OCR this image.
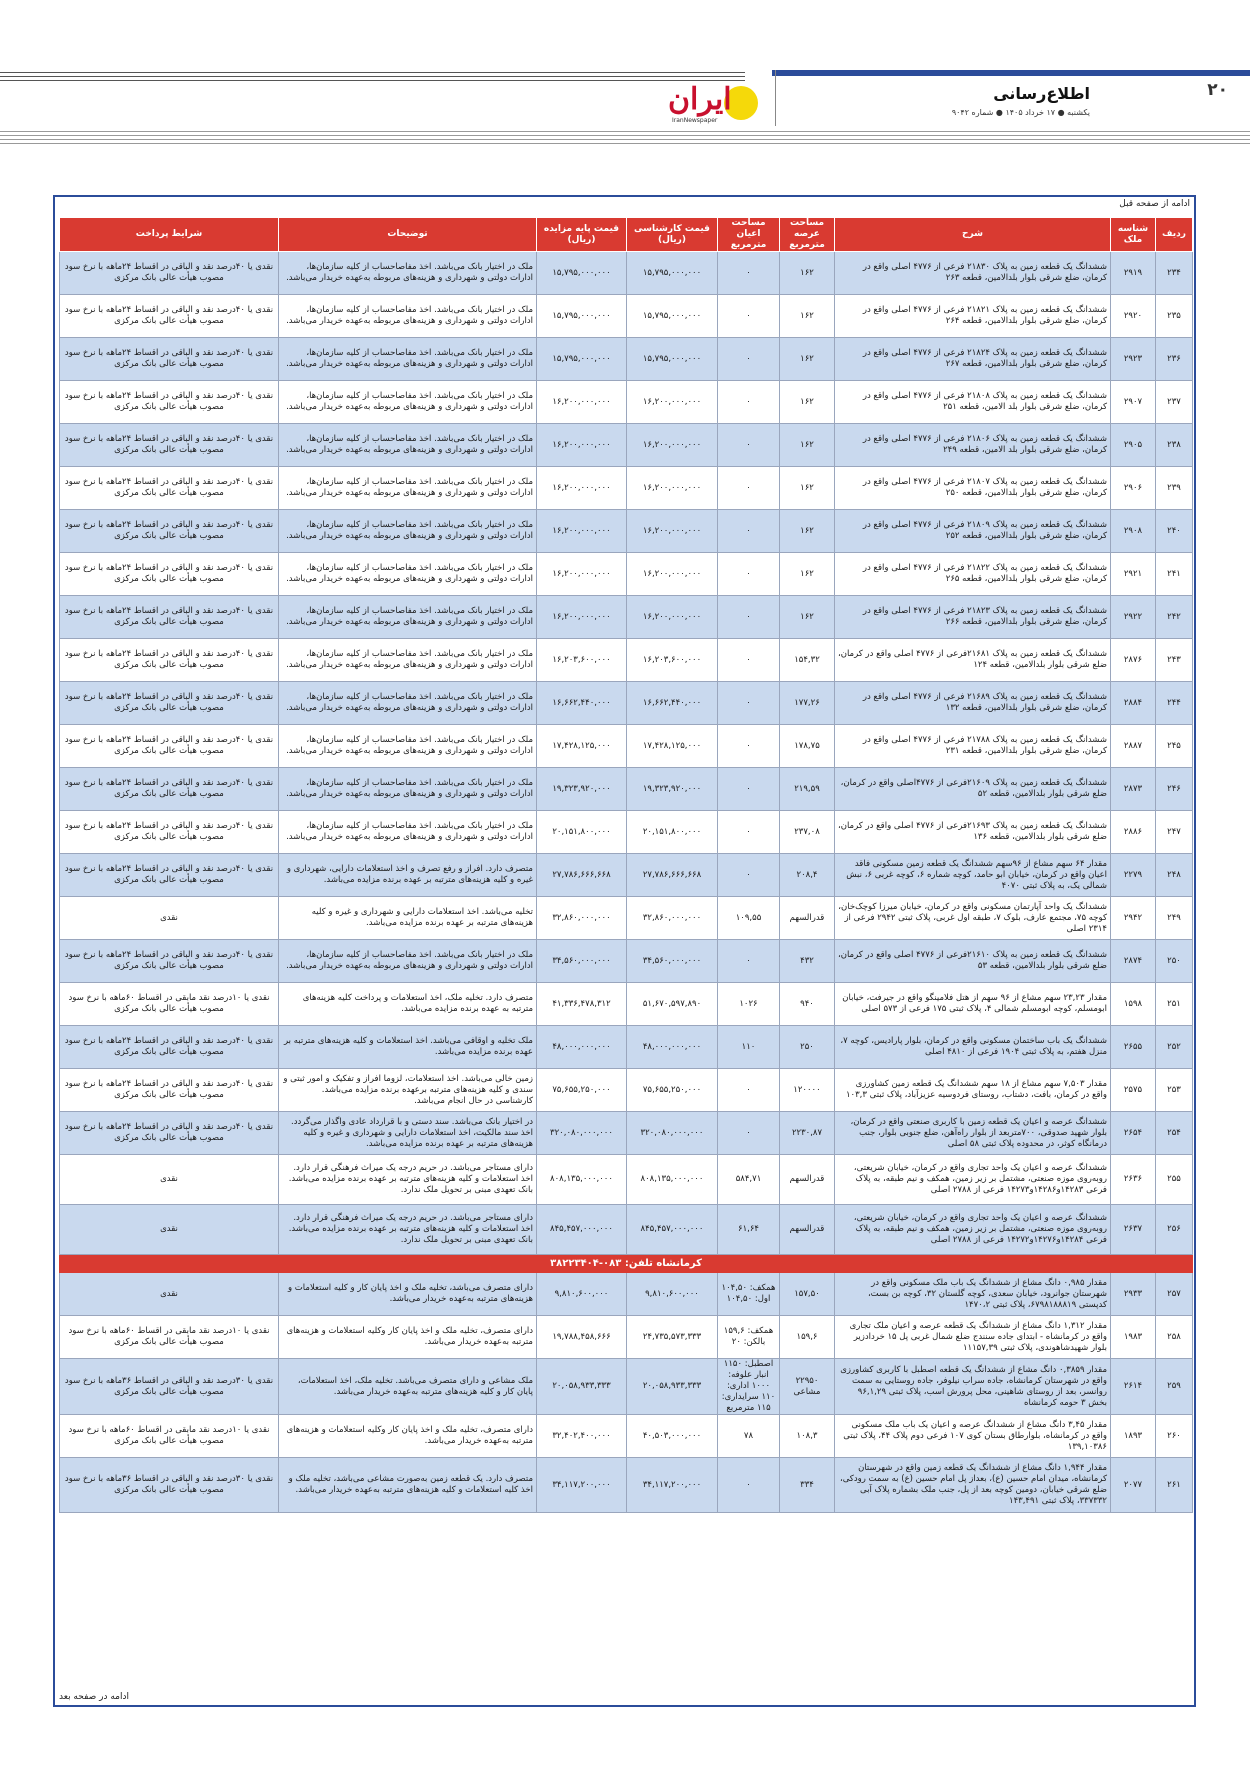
۲۰
اطلاع‌رسانی
یکشنبه ● ۱۷ خرداد ۱۴۰۵ ● شماره ۹۰۴۲
ایران
IranNewspaper
ادامه از صفحه قبل
ردیف	شناسه ملک	شرح	مساحت عرصه مترمربع	مساحت اعیان مترمربع	قیمت کارشناسی (ریال)	قیمت پایه مزایده (ریال)	توضیحات	شرایط پرداخت
۲۳۴	۲۹۱۹	ششدانگ یک قطعه زمین به پلاک ۲۱۸۳۰ فرعی از ۴۷۷۶ اصلی واقع در کرمان، ضلع شرقی بلوار بلدالامین، قطعه ۲۶۳	۱۶۲	۰	۱۵,۷۹۵,۰۰۰,۰۰۰	۱۵,۷۹۵,۰۰۰,۰۰۰	ملک در اختیار بانک می‌باشد. اخذ مفاصاحساب از کلیه سازمان‌ها، ادارات دولتی و شهرداری و هزینه‌های مربوطه به‌عهده خریدار می‌باشد.	نقدی یا ۴۰درصد نقد و الباقی در اقساط ۲۴ماهه با نرخ سود مصوب هیأت عالی بانک مرکزی
۲۳۵	۲۹۲۰	ششدانگ یک قطعه زمین به پلاک ۲۱۸۲۱ فرعی از ۴۷۷۶ اصلی واقع در کرمان، ضلع شرقی بلوار بلدالامین، قطعه ۲۶۴	۱۶۲	۰	۱۵,۷۹۵,۰۰۰,۰۰۰	۱۵,۷۹۵,۰۰۰,۰۰۰	ملک در اختیار بانک می‌باشد. اخذ مفاصاحساب از کلیه سازمان‌ها، ادارات دولتی و شهرداری و هزینه‌های مربوطه به‌عهده خریدار می‌باشد.	نقدی یا ۴۰درصد نقد و الباقی در اقساط ۲۴ماهه با نرخ سود مصوب هیأت عالی بانک مرکزی
۲۳۶	۲۹۲۳	ششدانگ یک قطعه زمین به پلاک ۲۱۸۲۴ فرعی از ۴۷۷۶ اصلی واقع در کرمان، ضلع شرقی بلوار بلدالامین، قطعه ۲۶۷	۱۶۲	۰	۱۵,۷۹۵,۰۰۰,۰۰۰	۱۵,۷۹۵,۰۰۰,۰۰۰	ملک در اختیار بانک می‌باشد. اخذ مفاصاحساب از کلیه سازمان‌ها، ادارات دولتی و شهرداری و هزینه‌های مربوطه به‌عهده خریدار می‌باشد.	نقدی یا ۴۰درصد نقد و الباقی در اقساط ۲۴ماهه با نرخ سود مصوب هیأت عالی بانک مرکزی
۲۳۷	۲۹۰۷	ششدانگ یک قطعه زمین به پلاک ۲۱۸۰۸ فرعی از ۴۷۷۶ اصلی واقع در کرمان، ضلع شرقی بلوار بلد الامین، قطعه ۲۵۱	۱۶۲	۰	۱۶,۲۰۰,۰۰۰,۰۰۰	۱۶,۲۰۰,۰۰۰,۰۰۰	ملک در اختیار بانک می‌باشد. اخذ مفاصاحساب از کلیه سازمان‌ها، ادارات دولتی و شهرداری و هزینه‌های مربوطه به‌عهده خریدار می‌باشد.	نقدی یا ۴۰درصد نقد و الباقی در اقساط ۲۴ماهه با نرخ سود مصوب هیأت عالی بانک مرکزی
۲۳۸	۲۹۰۵	ششدانگ یک قطعه زمین به پلاک ۲۱۸۰۶ فرعی از ۴۷۷۶ اصلی واقع در کرمان، ضلع شرقی بلوار بلد الامین، قطعه ۲۴۹	۱۶۲	۰	۱۶,۲۰۰,۰۰۰,۰۰۰	۱۶,۲۰۰,۰۰۰,۰۰۰	ملک در اختیار بانک می‌باشد. اخذ مفاصاحساب از کلیه سازمان‌ها، ادارات دولتی و شهرداری و هزینه‌های مربوطه به‌عهده خریدار می‌باشد.	نقدی یا ۴۰درصد نقد و الباقی در اقساط ۲۴ماهه با نرخ سود مصوب هیأت عالی بانک مرکزی
۲۳۹	۲۹۰۶	ششدانگ یک قطعه زمین به پلاک ۲۱۸۰۷ فرعی از ۴۷۷۶ اصلی واقع در کرمان، ضلع شرقی بلوار بلدالامین، قطعه ۲۵۰	۱۶۲	۰	۱۶,۲۰۰,۰۰۰,۰۰۰	۱۶,۲۰۰,۰۰۰,۰۰۰	ملک در اختیار بانک می‌باشد. اخذ مفاصاحساب از کلیه سازمان‌ها، ادارات دولتی و شهرداری و هزینه‌های مربوطه به‌عهده خریدار می‌باشد.	نقدی یا ۴۰درصد نقد و الباقی در اقساط ۲۴ماهه با نرخ سود مصوب هیأت عالی بانک مرکزی
۲۴۰	۲۹۰۸	ششدانگ یک قطعه زمین به پلاک ۲۱۸۰۹ فرعی از ۴۷۷۶ اصلی واقع در کرمان، ضلع شرقی بلوار بلدالامین، قطعه ۲۵۲	۱۶۲	۰	۱۶,۲۰۰,۰۰۰,۰۰۰	۱۶,۲۰۰,۰۰۰,۰۰۰	ملک در اختیار بانک می‌باشد. اخذ مفاصاحساب از کلیه سازمان‌ها، ادارات دولتی و شهرداری و هزینه‌های مربوطه به‌عهده خریدار می‌باشد.	نقدی یا ۴۰درصد نقد و الباقی در اقساط ۲۴ماهه با نرخ سود مصوب هیأت عالی بانک مرکزی
۲۴۱	۲۹۲۱	ششدانگ یک قطعه زمین به پلاک ۲۱۸۲۲ فرعی از ۴۷۷۶ اصلی واقع در کرمان، ضلع شرقی بلوار بلدالامین، قطعه ۲۶۵	۱۶۲	۰	۱۶,۲۰۰,۰۰۰,۰۰۰	۱۶,۲۰۰,۰۰۰,۰۰۰	ملک در اختیار بانک می‌باشد. اخذ مفاصاحساب از کلیه سازمان‌ها، ادارات دولتی و شهرداری و هزینه‌های مربوطه به‌عهده خریدار می‌باشد.	نقدی یا ۴۰درصد نقد و الباقی در اقساط ۲۴ماهه با نرخ سود مصوب هیأت عالی بانک مرکزی
۲۴۲	۲۹۲۲	ششدانگ یک قطعه زمین به پلاک ۲۱۸۲۳ فرعی از ۴۷۷۶ اصلی واقع در کرمان، ضلع شرقی بلوار بلدالامین، قطعه ۲۶۶	۱۶۲	۰	۱۶,۲۰۰,۰۰۰,۰۰۰	۱۶,۲۰۰,۰۰۰,۰۰۰	ملک در اختیار بانک می‌باشد. اخذ مفاصاحساب از کلیه سازمان‌ها، ادارات دولتی و شهرداری و هزینه‌های مربوطه به‌عهده خریدار می‌باشد.	نقدی یا ۴۰درصد نقد و الباقی در اقساط ۲۴ماهه با نرخ سود مصوب هیأت عالی بانک مرکزی
۲۴۳	۲۸۷۶	ششدانگ یک قطعه زمین به پلاک ۲۱۶۸۱فرعی از ۴۷۷۶ اصلی واقع در کرمان، ضلع شرقی بلوار بلدالامین، قطعه ۱۲۴	۱۵۴,۳۲	۰	۱۶,۲۰۳,۶۰۰,۰۰۰	۱۶,۲۰۳,۶۰۰,۰۰۰	ملک در اختیار بانک می‌باشد. اخذ مفاصاحساب از کلیه سازمان‌ها، ادارات دولتی و شهرداری و هزینه‌های مربوطه به‌عهده خریدار می‌باشد.	نقدی یا ۴۰درصد نقد و الباقی در اقساط ۲۴ماهه با نرخ سود مصوب هیأت عالی بانک مرکزی
۲۴۴	۲۸۸۴	ششدانگ یک قطعه زمین به پلاک ۲۱۶۸۹ فرعی از ۴۷۷۶ اصلی واقع در کرمان، ضلع شرقی بلوار بلدالامین، قطعه ۱۳۲	۱۷۷,۲۶	۰	۱۶,۶۶۲,۴۴۰,۰۰۰	۱۶,۶۶۲,۴۴۰,۰۰۰	ملک در اختیار بانک می‌باشد. اخذ مفاصاحساب از کلیه سازمان‌ها، ادارات دولتی و شهرداری و هزینه‌های مربوطه به‌عهده خریدار می‌باشد.	نقدی یا ۴۰درصد نقد و الباقی در اقساط ۲۴ماهه با نرخ سود مصوب هیأت عالی بانک مرکزی
۲۴۵	۲۸۸۷	ششدانگ یک قطعه زمین به پلاک ۲۱۷۸۸ فرعی از ۴۷۷۶ اصلی واقع در کرمان، ضلع شرقی بلوار بلدالامین، قطعه ۲۳۱	۱۷۸,۷۵	۰	۱۷,۴۲۸,۱۲۵,۰۰۰	۱۷,۴۲۸,۱۲۵,۰۰۰	ملک در اختیار بانک می‌باشد. اخذ مفاصاحساب از کلیه سازمان‌ها، ادارات دولتی و شهرداری و هزینه‌های مربوطه به‌عهده خریدار می‌باشد.	نقدی یا ۴۰درصد نقد و الباقی در اقساط ۲۴ماهه با نرخ سود مصوب هیأت عالی بانک مرکزی
۲۴۶	۲۸۷۳	ششدانگ یک قطعه زمین به پلاک ۲۱۶۰۹فرعی از ۴۷۷۶اصلی واقع در کرمان، ضلع شرقی بلوار بلدالامین، قطعه ۵۲	۲۱۹,۵۹	۰	۱۹,۳۲۳,۹۲۰,۰۰۰	۱۹,۳۲۳,۹۲۰,۰۰۰	ملک در اختیار بانک می‌باشد. اخذ مفاصاحساب از کلیه سازمان‌ها، ادارات دولتی و شهرداری و هزینه‌های مربوطه به‌عهده خریدار می‌باشد.	نقدی یا ۴۰درصد نقد و الباقی در اقساط ۲۴ماهه با نرخ سود مصوب هیأت عالی بانک مرکزی
۲۴۷	۲۸۸۶	ششدانگ یک قطعه زمین به پلاک ۲۱۶۹۳فرعی از ۴۷۷۶ اصلی واقع در کرمان، ضلع شرقی بلوار بلدالامین، قطعه ۱۳۶	۲۳۷,۰۸	۰	۲۰,۱۵۱,۸۰۰,۰۰۰	۲۰,۱۵۱,۸۰۰,۰۰۰	ملک در اختیار بانک می‌باشد. اخذ مفاصاحساب از کلیه سازمان‌ها، ادارات دولتی و شهرداری و هزینه‌های مربوطه به‌عهده خریدار می‌باشد.	نقدی یا ۴۰درصد نقد و الباقی در اقساط ۲۴ماهه با نرخ سود مصوب هیأت عالی بانک مرکزی
۲۴۸	۲۲۷۹	مقدار ۶۴ سهم مشاع از ۹۶سهم ششدانگ یک قطعه زمین مسکونی فاقد اعیان واقع در کرمان، خیابان ابو حامد، کوچه شماره ۶، کوچه غربی ۶، نبش شمالی یک، به پلاک ثبتی ۴۰۷۰	۲۰۸,۴	۰	۲۷,۷۸۶,۶۶۶,۶۶۸	۲۷,۷۸۶,۶۶۶,۶۶۸	متصرف دارد. افراز و رفع تصرف و اخذ استعلامات دارایی، شهرداری و غیره و کلیه هزینه‌های مترتبه بر عهده برنده مزایده می‌باشد.	نقدی یا ۴۰درصد نقد و الباقی در اقساط ۲۴ماهه با نرخ سود مصوب هیأت عالی بانک مرکزی
۲۴۹	۲۹۴۲	ششدانگ یک واحد آپارتمان مسکونی واقع در کرمان، خیابان میرزا کوچک‌خان، کوچه ۷۵، مجتمع عارف، بلوک ۷، طبقه اول غربی، پلاک ثبتی ۲۹۴۲ فرعی از ۲۳۱۴ اصلی	قدرالسهم	۱۰۹,۵۵	۳۲,۸۶۰,۰۰۰,۰۰۰	۳۲,۸۶۰,۰۰۰,۰۰۰	تخلیه می‌باشد. اخذ استعلامات دارایی و شهرداری و غیره و کلیه هزینه‌های مترتبه بر عهده برنده مزایده می‌باشد.	نقدی
۲۵۰	۲۸۷۴	ششدانگ یک قطعه زمین به پلاک ۲۱۶۱۰فرعی از ۴۷۷۶ اصلی واقع در کرمان، ضلع شرقی بلوار بلدالامین، قطعه ۵۳	۴۳۲	۰	۳۴,۵۶۰,۰۰۰,۰۰۰	۳۴,۵۶۰,۰۰۰,۰۰۰	ملک در اختیار بانک می‌باشد. اخذ مفاصاحساب از کلیه سازمان‌ها، ادارات دولتی و شهرداری و هزینه‌های مربوطه به‌عهده خریدار می‌باشد.	نقدی یا ۴۰درصد نقد و الباقی در اقساط ۲۴ماهه با نرخ سود مصوب هیأت عالی بانک مرکزی
۲۵۱	۱۵۹۸	مقدار ۲۳,۲۳ سهم مشاع از ۹۶ سهم از هتل فلامینگو واقع در جیرفت، خیابان ابومسلم، کوچه ابومسلم شمالی ۴، پلاک ثبتی ۱۷۵ فرعی از ۵۷۳ اصلی	۹۴۰	۱۰۲۶	۵۱,۶۷۰,۵۹۷,۸۹۰	۴۱,۳۳۶,۴۷۸,۳۱۲	متصرف دارد. تخلیه ملک، اخذ استعلامات و پرداخت کلیه هزینه‌های مترتبه به عهده برنده مزایده می‌باشد.	نقدی یا ۱۰درصد نقد مابقی در اقساط ۶۰ماهه با نرخ سود مصوب هیأت عالی بانک مرکزی
۲۵۲	۲۶۵۵	ششدانگ یک باب ساختمان مسکونی واقع در کرمان، بلوار پارادیس، کوچه ۷، منزل هفتم، به پلاک ثبتی ۱۹۰۴ فرعی از ۴۸۱۰ اصلی	۲۵۰	۱۱۰	۴۸,۰۰۰,۰۰۰,۰۰۰	۴۸,۰۰۰,۰۰۰,۰۰۰	ملک تخلیه و اوقافی می‌باشد. اخذ استعلامات و کلیه هزینه‌های مترتبه بر عهده برنده مزایده می‌باشد.	نقدی یا ۴۰درصد نقد و الباقی در اقساط ۲۴ماهه با نرخ سود مصوب هیأت عالی بانک مرکزی
۲۵۳	۲۵۷۵	مقدار ۷,۵۰۳ سهم مشاع از ۱۸ سهم ششدانگ یک قطعه زمین کشاورزی واقع در کرمان، بافت، دشتاب، روستای فردوسیه عزیزآباد، پلاک ثبتی ۱۰۳,۳	۱۲۰۰۰۰	۰	۷۵,۶۵۵,۲۵۰,۰۰۰	۷۵,۶۵۵,۲۵۰,۰۰۰	زمین خالی می‌باشد. اخذ استعلامات، لزوما افراز و تفکیک و امور ثبتی و سندی و کلیه هزینه‌های مترتبه برعهده برنده مزایده می‌باشد. کارشناسی در حال انجام می‌باشد.	نقدی یا ۴۰درصد نقد و الباقی در اقساط ۲۴ماهه با نرخ سود مصوب هیأت عالی بانک مرکزی
۲۵۴	۲۶۵۴	ششدانگ عرصه و اعیان یک قطعه زمین با کاربری صنعتی واقع در کرمان، بلوار شهید صدوقی، ۷۰۰متربعد از بلوار راه‌آهن، ضلع جنوبی بلوار، جنب درمانگاه کوثر، در محدوده پلاک ثبتی ۵۸ اصلی	۲۲۳۰,۸۷	۰	۳۲۰,۰۸۰,۰۰۰,۰۰۰	۳۲۰,۰۸۰,۰۰۰,۰۰۰	در اختیار بانک می‌باشد. سند دستی و با قرارداد عادی واگذار می‌گردد. اخذ سند مالکیت، اخذ استعلامات دارایی و شهرداری و غیره و کلیه هزینه‌های مترتبه بر عهده برنده مزایده می‌باشد.	نقدی یا ۴۰درصد نقد و الباقی در اقساط ۲۴ماهه با نرخ سود مصوب هیأت عالی بانک مرکزی
۲۵۵	۲۶۳۶	ششدانگ عرصه و اعیان یک واحد تجاری واقع در کرمان، خیابان شریعتی، روبه‌روی موزه صنعتی، مشتمل بر زیر زمین، همکف و نیم طبقه، به پلاک فرعی ۱۴۲۸۳و۱۴۲۸۶و۱۴۲۷۳ فرعی از ۲۷۸۸ اصلی	قدرالسهم	۵۸۴,۷۱	۸۰۸,۱۳۵,۰۰۰,۰۰۰	۸۰۸,۱۳۵,۰۰۰,۰۰۰	دارای مستاجر می‌باشد. در حریم درجه یک میراث فرهنگی قرار دارد. اخذ استعلامات و کلیه هزینه‌های مترتبه بر عهده برنده مزایده می‌باشد. بانک تعهدی مبنی بر تحویل ملک ندارد.	نقدی
۲۵۶	۲۶۳۷	ششدانگ عرصه و اعیان یک واحد تجاری واقع در کرمان، خیابان شریعتی، روبه‌روی موزه صنعتی، مشتمل بر زیر زمین، همکف و نیم طبقه، به پلاک فرعی ۱۴۲۸۴و۱۴۲۷۶و۱۴۲۷۲ فرعی از ۲۷۸۸ اصلی	قدرالسهم	۶۱,۶۴	۸۴۵,۴۵۷,۰۰۰,۰۰۰	۸۴۵,۴۵۷,۰۰۰,۰۰۰	دارای مستاجر می‌باشد. در حریم درجه یک میراث فرهنگی قرار دارد. اخذ استعلامات و کلیه هزینه‌های مترتبه بر عهده برنده مزایده می‌باشد. بانک تعهدی مبنی بر تحویل ملک ندارد.	نقدی
کرمانشاه تلفن: ۰۸۳-۳۸۲۲۳۴۰۴								
۲۵۷	۲۹۳۳	مقدار ۰,۹۸۵ دانگ مشاع از ششدانگ یک باب ملک مسکونی واقع در شهرستان جوانرود، خیابان سعدی، کوچه گلستان ۳۲، کوچه بن بست، کدپستی ۶۷۹۸۱۸۸۸۱۹، پلاک ثبتی ۱۴۷۰،۲	۱۵۷,۵۰	همکف: ۱۰۴,۵۰ اول: ۱۰۴,۵۰	۹,۸۱۰,۶۰۰,۰۰۰	۹,۸۱۰,۶۰۰,۰۰۰	دارای متصرف می‌باشد، تخلیه ملک و اخذ پایان کار و کلیه استعلامات و هزینه‌های مترتبه به‌عهده خریدار می‌باشد.	نقدی
۲۵۸	۱۹۸۳	مقدار ۱,۳۱۲ دانگ مشاع از ششدانگ یک قطعه عرصه و اعیان ملک تجاری واقع در کرمانشاه - ابتدای جاده سنندج ضلع شمال غربی پل ۱۵ خردادزیر بلوار شهیدشاهوندی، پلاک ثبتی ۱۱۱۵۷,۳۹	۱۵۹,۶	همکف: ۱۵۹,۶ بالکن: ۲۰	۲۴,۷۳۵,۵۷۳,۳۳۳	۱۹,۷۸۸,۴۵۸,۶۶۶	دارای متصرف، تخلیه ملک و اخذ پایان کار وکلیه استعلامات و هزینه‌های مترتبه به‌عهده خریدار می‌باشد.	نقدی یا ۱۰درصد نقد مابقی در اقساط ۶۰ماهه با نرخ سود مصوب هیأت عالی بانک مرکزی
۲۵۹	۲۶۱۴	مقدار ۰,۳۸۵۹ دانگ مشاع از ششدانگ یک قطعه اصطبل با کاربری کشاورزی واقع در شهرستان کرمانشاه، جاده سراب نیلوفر، جاده روستایی به سمت روانسر، بعد از روستای شاهینی، محل پرورش اسب، پلاک ثبتی ۹۶,۱,۲۹ بخش ۳ حومه کرمانشاه	۲۲۹۵۰ مشاعی	اصطبل: ۱۱۵۰ انبار علوفه: ۱۰۰۰ اداری: ۱۱۰ سرایداری: ۱۱۵ مترمربع	۲۰,۰۵۸,۹۳۳,۳۳۳	۲۰,۰۵۸,۹۳۳,۳۳۳	ملک مشاعی و دارای متصرف می‌باشد. تخلیه ملک، اخذ استعلامات، پایان کار و کلیه هزینه‌های مترتبه به‌عهده خریدار می‌باشد.	نقدی یا ۳۰درصد نقد و الباقی در اقساط ۳۶ماهه با نرخ سود مصوب هیأت عالی بانک مرکزی
۲۶۰	۱۸۹۳	مقدار ۳,۴۵ دانگ مشاع از ششدانگ عرصه و اعیان یک باب ملک مسکونی واقع در کرمانشاه، بلوارطاق بستان کوی ۱۰۷ فرعی دوم پلاک ۴۴، پلاک ثبتی ۱۳۹,۱۰۳۸۶	۱۰۸,۳	۷۸	۴۰,۵۰۳,۰۰۰,۰۰۰	۳۲,۴۰۲,۴۰۰,۰۰۰	دارای متصرف، تخلیه ملک و اخذ پایان کار وکلیه استعلامات و هزینه‌های مترتبه به‌عهده خریدار می‌باشد.	نقدی یا ۱۰درصد نقد مابقی در اقساط ۶۰ماهه با نرخ سود مصوب هیأت عالی بانک مرکزی
۲۶۱	۲۰۷۷	مقدار ۱,۹۴۴ دانگ مشاع از ششدانگ یک قطعه زمین واقع در شهرستان کرمانشاه، میدان امام حسین (ع)، بعداز پل امام حسین (ع) به سمت رودکی، ضلع شرقی خیابان، دومین کوچه بعد از پل، جنب ملک بشماره پلاک آبی ۳۳۷۳۳۲، پلاک ثبتی ۱۴۳,۴۹۱	۳۳۴	۰	۳۴,۱۱۷,۲۰۰,۰۰۰	۳۴,۱۱۷,۲۰۰,۰۰۰	متصرف دارد. یک قطعه زمین به‌صورت مشاعی می‌باشد، تخلیه ملک و اخذ کلیه استعلامات و کلیه هزینه‌های مترتبه به‌عهده خریدار می‌باشد.	نقدی یا ۳۰درصد نقد و الباقی در اقساط ۳۶ماهه با نرخ سود مصوب هیأت عالی بانک مرکزی
ادامه در صفحه بعد
